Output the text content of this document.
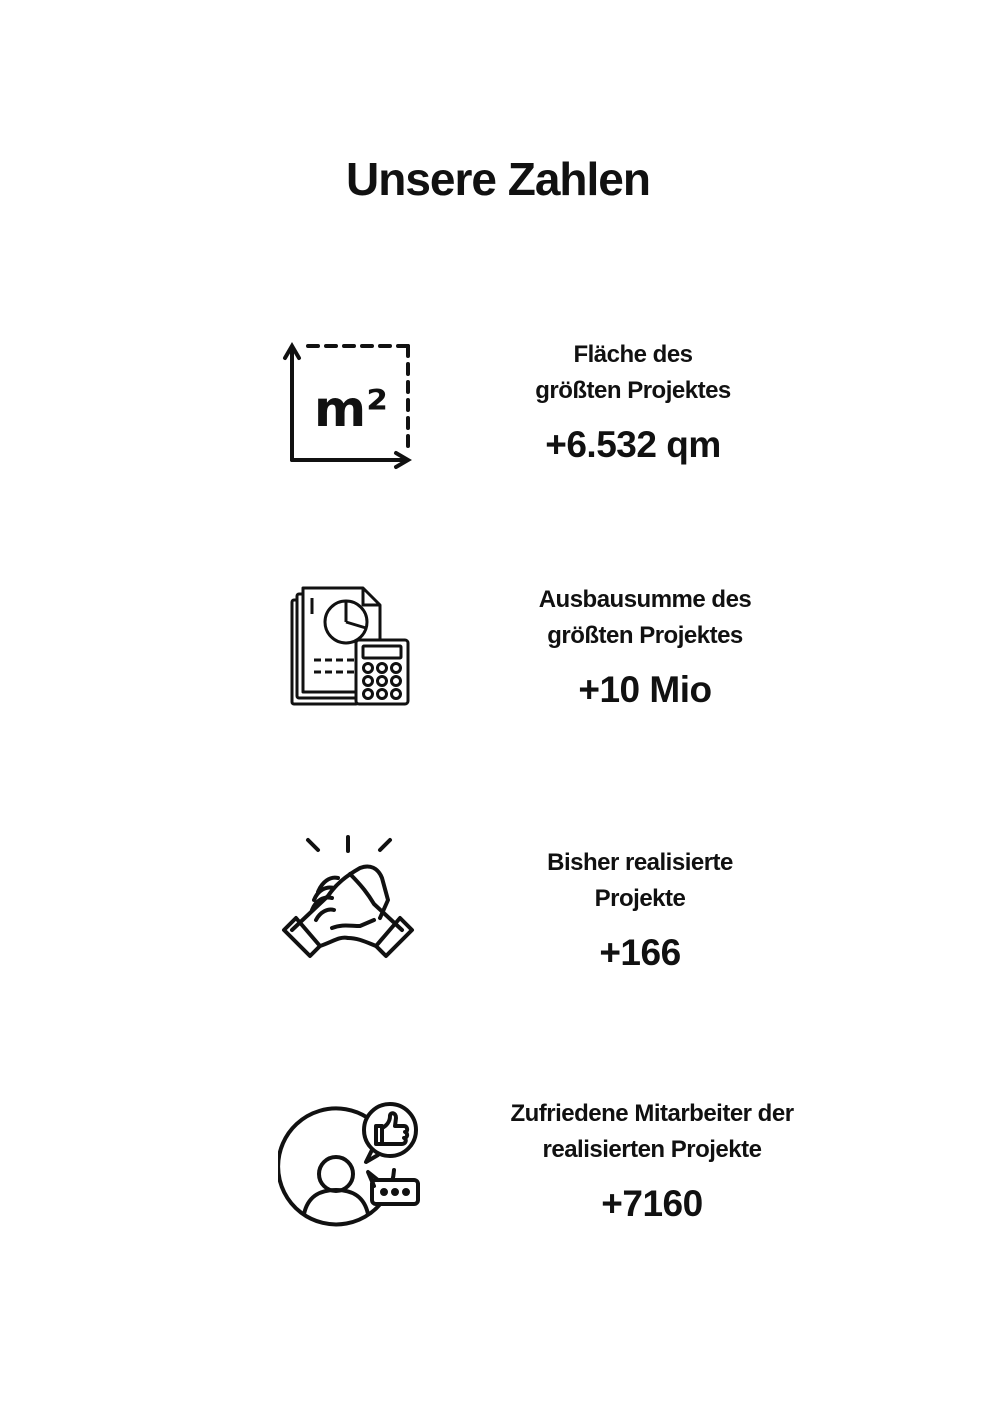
Unsere Zahlen
m²
Fläche des
größten Projektes
+6.532 qm
Ausbausumme des
größten Projektes
+10 Mio
Bisher realisierte
Projekte
+166
Zufriedene Mitarbeiter der
realisierten Projekte
+7160
